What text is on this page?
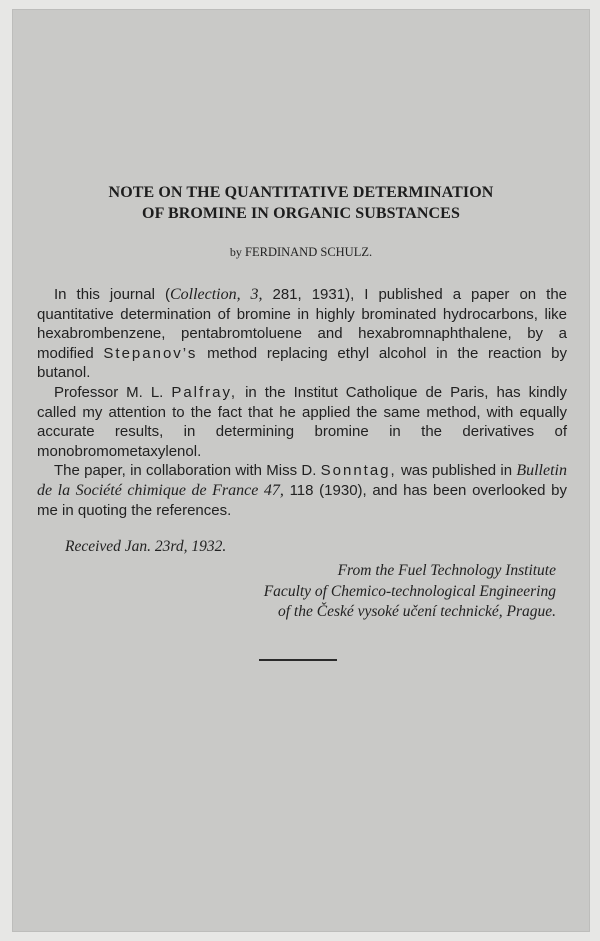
NOTE ON THE QUANTITATIVE DETERMINATION
OF BROMINE IN ORGANIC SUBSTANCES
by FERDINAND SCHULZ.

In this journal (Collection, 3, 281, 1931), I published a paper on the quantitative determination of bromine in highly brominated hydrocarbons, like hexabrombenzene, pentabromtoluene and hexabromnaphthalene, by a modified Stepanov’s method replacing ethyl alcohol in the reaction by butanol.

Professor M. L. Palfray, in the Institut Catholique de Paris, has kindly called my attention to the fact that he applied the same method, with equally accurate results, in determining bromine in the derivatives of monobromometaxylenol.

The paper, in collaboration with Miss D. Sonntag, was published in Bulletin de la Société chimique de France 47, 118 (1930), and has been overlooked by me in quoting the references.

Received Jan. 23rd, 1932.
From the Fuel Technology Institute
Faculty of Chemico-technological Engineering
of the České vysoké učení technické, Prague.
